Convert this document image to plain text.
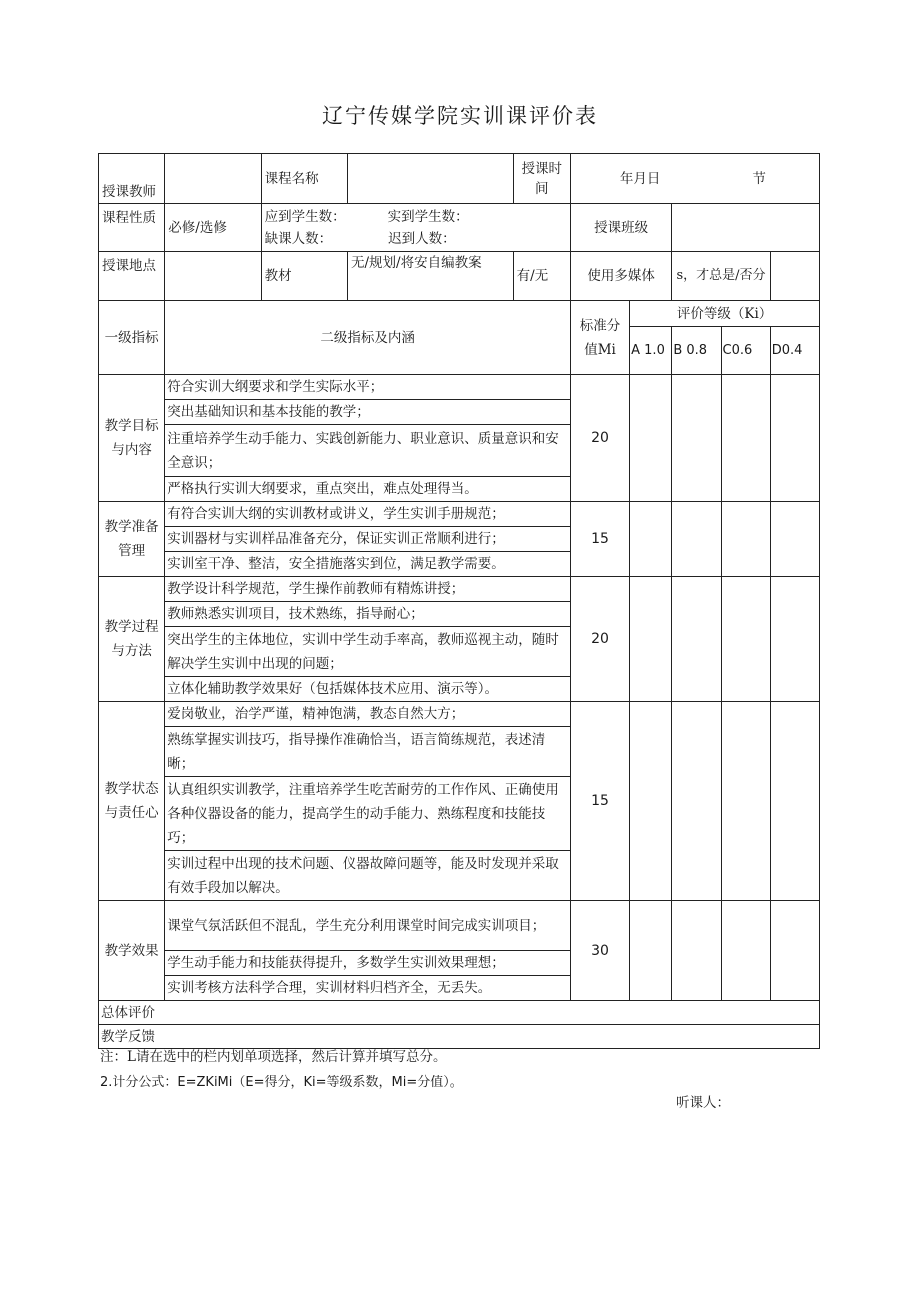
辽宁传媒学院实训课评价表
授课教师		课程名称		授课时间	年月日 节				
课程性质	必修/选修	应到学生数： 实到学生数：
缺课人数： 迟到人数：			授课班级				
授课地点		教材	无/规划/将安自编教案	有/无	使用多媒体		s，才总是/否分		
一级指标	二级指标及内涵				标准分值Mi	评价等级（Ki）			
						A 1.0	B 0.8	C0.6	D0.4
教学目标与内容	符合实训大纲要求和学生实际水平；				20				
	突出基础知识和基本技能的教学；								
	注重培养学生动手能力、实践创新能力、职业意识、质量意识和安全意识；								
	严格执行实训大纲要求，重点突出，难点处理得当。								
教学准备管理	有符合实训大纲的实训教材或讲义，学生实训手册规范；				15				
	实训器材与实训样品准备充分，保证实训正常顺利进行；								
	实训室干净、整洁，安全措施落实到位，满足教学需要。								
教学过程与方法	教学设计科学规范，学生操作前教师有精炼讲授；				20				
	教师熟悉实训项目，技术熟练，指导耐心；								
	突出学生的主体地位，实训中学生动手率高，教师巡视主动，随时解决学生实训中出现的问题；								
	立体化辅助教学效果好（包括媒体技术应用、演示等）。								
教学状态与责任心	爱岗敬业，治学严谨，精神饱满，教态自然大方；				15				
	熟练掌握实训技巧，指导操作准确恰当，语言简练规范，表述清晰；								
	认真组织实训教学，注重培养学生吃苦耐劳的工作作风、正确使用各种仪器设备的能力，提高学生的动手能力、熟练程度和技能技巧；								
	实训过程中出现的技术问题、仪器故障问题等，能及时发现并采取有效手段加以解决。								
教学效果	课堂气氛活跃但不混乱，学生充分利用课堂时间完成实训项目；				30				
	学生动手能力和技能获得提升，多数学生实训效果理想；								
	实训考核方法科学合理，实训材料归档齐全，无丢失。								
总体评价									
教学反馈									
注：L请在选中的栏内划单项选择，然后计算并填写总分。
2.计分公式：E=ZKiMi（E=得分，Ki=等级系数，Mi=分值）。
听课人：
